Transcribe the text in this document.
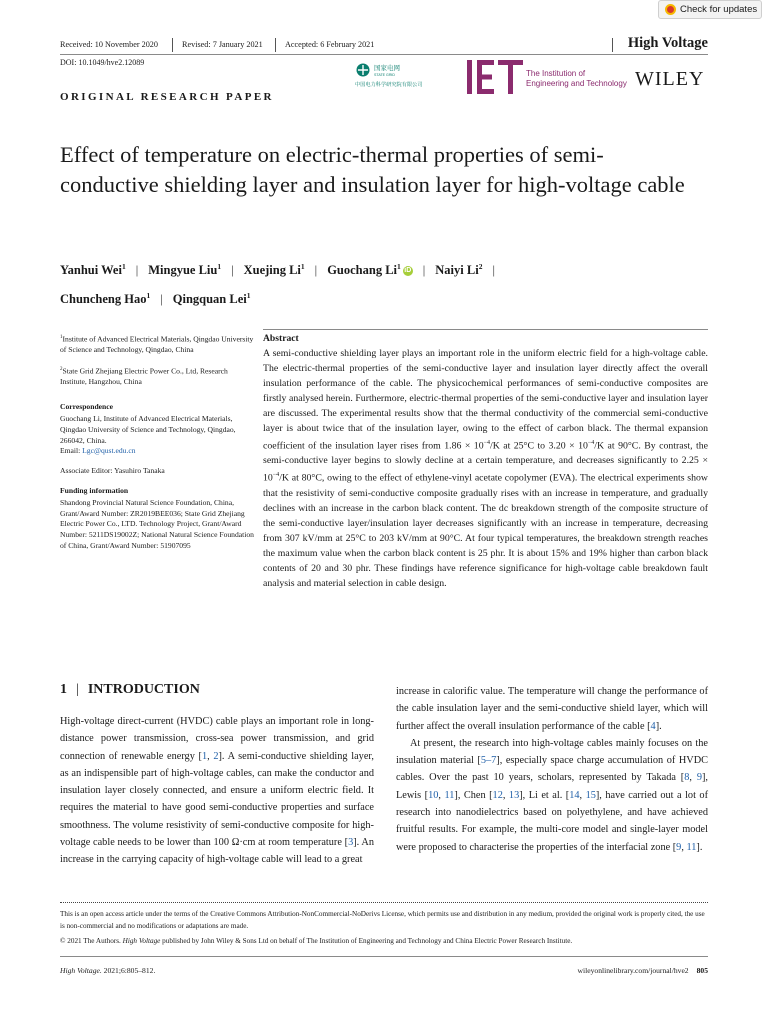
Check for updates
Received: 10 November 2020	Revised: 7 January 2021	Accepted: 6 February 2021	High Voltage
DOI: 10.1049/hve2.12089
国家电网
STATE GRID
中国电力科学研究院有限公司
The Institution of
Engineering and Technology WILEY
ORIGINAL RESEARCH PAPER
Effect of temperature on electric-thermal properties of semi-conductive shielding layer and insulation layer for high-voltage cable
Yanhui Wei$^1$ | Mingyue Liu$^1$ | Xuejing Li$^1$ | Guochang Li$^1$ iD | Naiyi Li$^2$ |
Chuncheng Hao$^1$ | Qingquan Lei$^1$

$^1$Institute of Advanced Electrical Materials, Qingdao University of Science and Technology, Qingdao, China

$^2$State Grid Zhejiang Electric Power Co., Ltd, Research Institute, Hangzhou, China

Correspondence
Guochang Li, Institute of Advanced Electrical Materials, Qingdao University of Science and Technology, Qingdao, 266042, China.
Email: Lgc@qust.edu.cn

Associate Editor: Yasuhiro Tanaka

Funding information
Shandong Provincial Natural Science Foundation, China, Grant/Award Number: ZR2019BEE036; State Grid Zhejiang Electric Power Co., LTD. Technology Project, Grant/Award Number: 5211DS19002Z; National Natural Science Foundation of China, Grant/Award Number: 51907095

Abstract
A semi-conductive shielding layer plays an important role in the uniform electric field for a high-voltage cable. The electric-thermal properties of the semi-conductive layer and insulation layer directly affect the overall insulation performance of the cable. The physicochemical performances of semi-conductive composites are firstly analysed herein. Furthermore, electric-thermal properties of the semi-conductive layer and insulation layer are discussed. The experimental results show that the thermal conductivity of the commercial semi-conductive layer is about twice that of the insulation layer, owing to the effect of carbon black. The thermal expansion coefficient of the insulation layer rises from $1.86 \times 10^{-4}/K$ at 25°C to $3.20 \times 10^{-4}/K$ at 90°C. By contrast, the semi-conductive layer begins to slowly decline at a certain temperature, and decreases significantly to $2.25 \times 10^{-4}/K$ at 80°C, owing to the effect of ethylene-vinyl acetate copolymer (EVA). The electrical experiments show that the resistivity of semi-conductive composite gradually rises with an increase in temperature, and gradually declines with an increase in the carbon black content. The dc breakdown strength of the composite structure of the semi-conductive layer/insulation layer decreases significantly with an increase in temperature, decreasing from 307 kV/mm at 25°C to 203 kV/mm at 90°C. At four typical temperatures, the breakdown strength reaches the maximum value when the carbon black content is 25 phr. It is about 15% and 19% higher than carbon black contents of 20 and 30 phr. These findings have reference significance for high-voltage cable breakdown fault analysis and material selection in cable design.
1 | INTRODUCTION

High-voltage direct-current (HVDC) cable plays an important role in long-distance power transmission, cross-sea power transmission, and grid connection of renewable energy [1, 2]. A semi-conductive shielding layer, as an indispensible part of high-voltage cables, can make the conductor and insulation layer closely connected, and ensure a uniform electric field. It requires the material to have good semi-conductive properties and surface smoothness. The volume resistivity of semi-conductive composite for high- voltage cable needs to be lower than 100 Ω·cm at room temperature [3]. An increase in the carrying capacity of high-voltage cable will lead to a great

increase in calorific value. The temperature will change the performance of the cable insulation layer and the semi-conductive shield layer, which will further affect the overall insulation performance of the cable [4].

At present, the research into high-voltage cables mainly focuses on the insulation material [5–7], especially space charge accumulation of HVDC cables. Over the past 10 years, scholars, represented by Takada [8, 9], Lewis [10, 11], Chen [12, 13], Li et al. [14, 15], have carried out a lot of research into nanodielectrics based on polyethylene, and have achieved fruitful results. For example, the multi-core model and single-layer model were proposed to characterise the properties of the interfacial zone [9, 11].

This is an open access article under the terms of the Creative Commons Attribution-NonCommercial-NoDerivs License, which permits use and distribution in any medium, provided the original work is properly cited, the use is non-commercial and no modifications or adaptations are made.

© 2021 The Authors. High Voltage published by John Wiley & Sons Ltd on behalf of The Institution of Engineering and Technology and China Electric Power Research Institute.

High Voltage. 2021;6:805–812.	wileyonlinelibrary.com/journal/hve2 805
